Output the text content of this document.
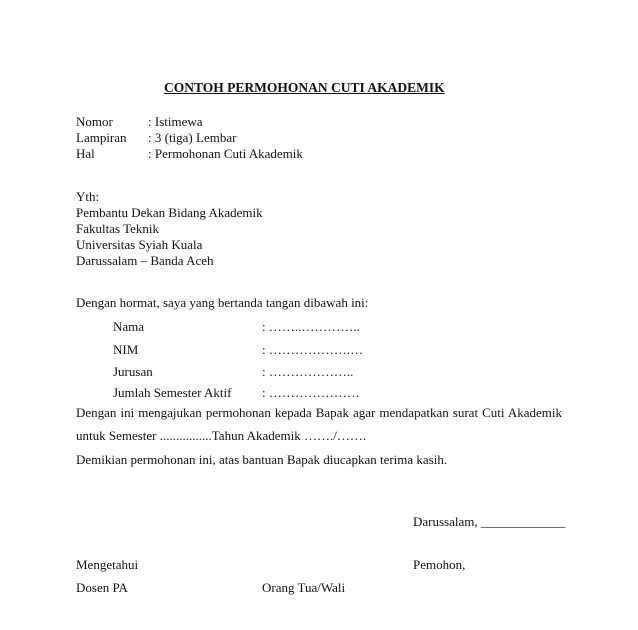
CONTOH PERMOHONAN CUTI AKADEMIK
Nomor	: Istimewa
Lampiran : 3 (tiga) Lembar
Hal	: Permohonan Cuti Akademik
Yth:
Pembantu Dekan Bidang Akademik
Fakultas Teknik
Universitas Syiah Kuala
Darussalam – Banda Aceh
Dengan hormat, saya yang bertanda tangan dibawah ini:
Nama	: ……..…………..
NIM	: ……………….…
Jurusan	: ………………..
Jumlah Semester Aktif : …………………
Dengan ini mengajukan permohonan kepada Bapak agar mendapatkan surat Cuti Akademik
untuk Semester ................Tahun Akademik ……./…….
Demikian permohonan ini, atas bantuan Bapak diucapkan terima kasih.
Darussalam, _____________
Mengetahui	Pemohon,
Dosen PA	Orang Tua/Wali
